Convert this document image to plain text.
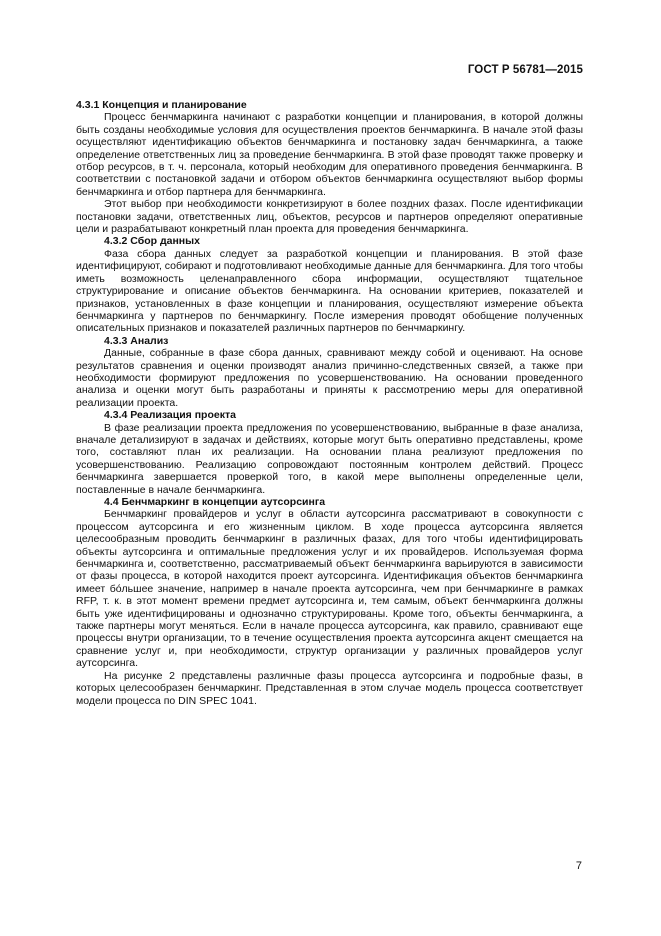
ГОСТ Р 56781—2015
4.3.1 Концепция и планирование

Процесс бенчмаркинга начинают с разработки концепции и планирования, в которой должны быть созданы необходимые условия для осуществления проектов бенчмаркинга. В начале этой фазы осуществляют идентификацию объектов бенчмаркинга и постановку задач бенчмаркинга, а также определение ответственных лиц за проведение бенчмаркинга. В этой фазе проводят также проверку и отбор ресурсов, в т. ч. персонала, который необходим для оперативного проведения бенчмаркинга. В соответствии с постановкой задачи и отбором объектов бенчмаркинга осуществляют выбор формы бенчмаркинга и отбор партнера для бенчмаркинга.

Этот выбор при необходимости конкретизируют в более поздних фазах. После идентификации постановки задачи, ответственных лиц, объектов, ресурсов и партнеров определяют оперативные цели и разрабатывают конкретный план проекта для проведения бенчмаркинга.

4.3.2 Сбор данных

Фаза сбора данных следует за разработкой концепции и планирования. В этой фазе идентифицируют, собирают и подготовливают необходимые данные для бенчмаркинга. Для того чтобы иметь возможность целенаправленного сбора информации, осуществляют тщательное структурирование и описание объектов бенчмаркинга. На основании критериев, показателей и признаков, установленных в фазе концепции и планирования, осуществляют измерение объекта бенчмаркинга у партнеров по бенчмаркингу. После измерения проводят обобщение полученных описательных признаков и показателей различных партнеров по бенчмаркингу.

4.3.3 Анализ

Данные, собранные в фазе сбора данных, сравнивают между собой и оценивают. На основе результатов сравнения и оценки производят анализ причинно-следственных связей, а также при необходимости формируют предложения по усовершенствованию. На основании проведенного анализа и оценки могут быть разработаны и приняты к рассмотрению меры для оперативной реализации проекта.

4.3.4 Реализация проекта

В фазе реализации проекта предложения по усовершенствованию, выбранные в фазе анализа, вначале детализируют в задачах и действиях, которые могут быть оперативно представлены, кроме того, составляют план их реализации. На основании плана реализуют предложения по усовершенствованию. Реализацию сопровождают постоянным контролем действий. Процесс бенчмаркинга завершается проверкой того, в какой мере выполнены определенные цели, поставленные в начале бенчмаркинга.

4.4 Бенчмаркинг в концепции аутсорсинга

Бенчмаркинг провайдеров и услуг в области аутсорсинга рассматривают в совокупности с процессом аутсорсинга и его жизненным циклом. В ходе процесса аутсорсинга является целесообразным проводить бенчмаркинг в различных фазах, для того чтобы идентифицировать объекты аутсорсинга и оптимальные предложения услуг и их провайдеров. Используемая форма бенчмаркинга и, соответственно, рассматриваемый объект бенчмаркинга варьируются в зависимости от фазы процесса, в которой находится проект аутсорсинга. Идентификация объектов бенчмаркинга имеет бо́льшее значение, например в начале проекта аутсорсинга, чем при бенчмаркинге в рамках RFP, т. к. в этот момент времени предмет аутсорсинга и, тем самым, объект бенчмаркинга должны быть уже идентифицированы и однозначно структурированы. Кроме того, объекты бенчмаркинга, а также партнеры могут меняться. Если в начале процесса аутсорсинга, как правило, сравнивают еще процессы внутри организации, то в течение осуществления проекта аутсорсинга акцент смещается на сравнение услуг и, при необходимости, структур организации у различных провайдеров услуг аутсорсинга.

На рисунке 2 представлены различные фазы процесса аутсорсинга и подробные фазы, в которых целесообразен бенчмаркинг. Представленная в этом случае модель процесса соответствует модели процесса по DIN SPEC 1041.

7
